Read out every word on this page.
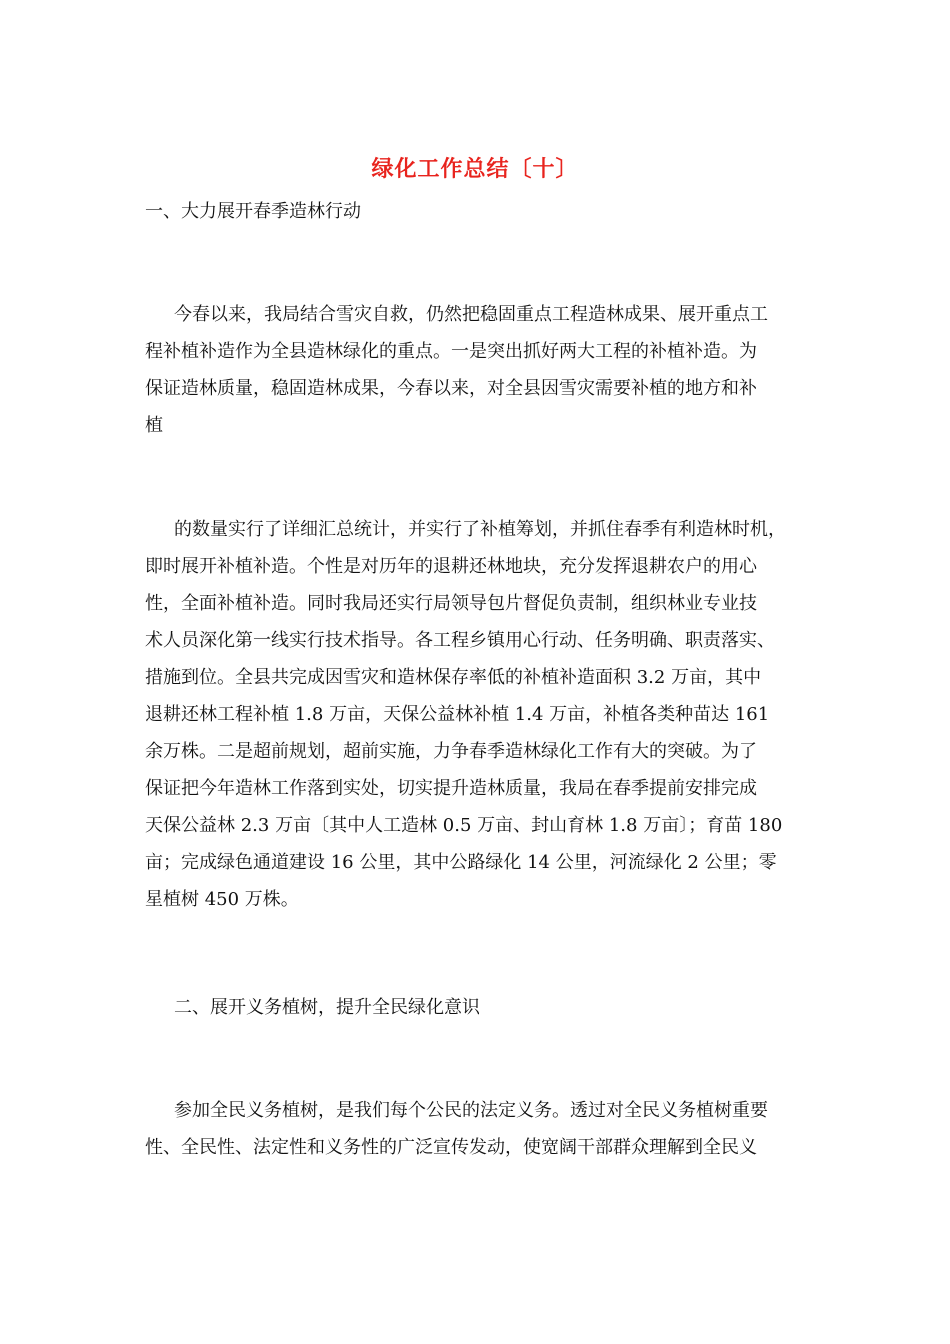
绿化工作总结〔十〕
一、大力展开春季造林行动
今春以来，我局结合雪灾自救，仍然把稳固重点工程造林成果、展开重点工
程补植补造作为全县造林绿化的重点。一是突出抓好两大工程的补植补造。为
保证造林质量，稳固造林成果，今春以来，对全县因雪灾需要补植的地方和补
植
的数量实行了详细汇总统计，并实行了补植筹划，并抓住春季有利造林时机，
即时展开补植补造。个性是对历年的退耕还林地块，充分发挥退耕农户的用心
性，全面补植补造。同时我局还实行局领导包片督促负责制，组织林业专业技
术人员深化第一线实行技术指导。各工程乡镇用心行动、任务明确、职责落实、
措施到位。全县共完成因雪灾和造林保存率低的补植补造面积 3.2 万亩，其中
退耕还林工程补植 1.8 万亩，天保公益林补植 1.4 万亩，补植各类种苗达 161
余万株。二是超前规划，超前实施，力争春季造林绿化工作有大的突破。为了
保证把今年造林工作落到实处，切实提升造林质量，我局在春季提前安排完成
天保公益林 2.3 万亩〔其中人工造林 0.5 万亩、封山育林 1.8 万亩〕；育苗 180
亩；完成绿色通道建设 16 公里，其中公路绿化 14 公里，河流绿化 2 公里；零
星植树 450 万株。
二、展开义务植树，提升全民绿化意识
参加全民义务植树，是我们每个公民的法定义务。透过对全民义务植树重要
性、全民性、法定性和义务性的广泛宣传发动，使宽阔干部群众理解到全民义
